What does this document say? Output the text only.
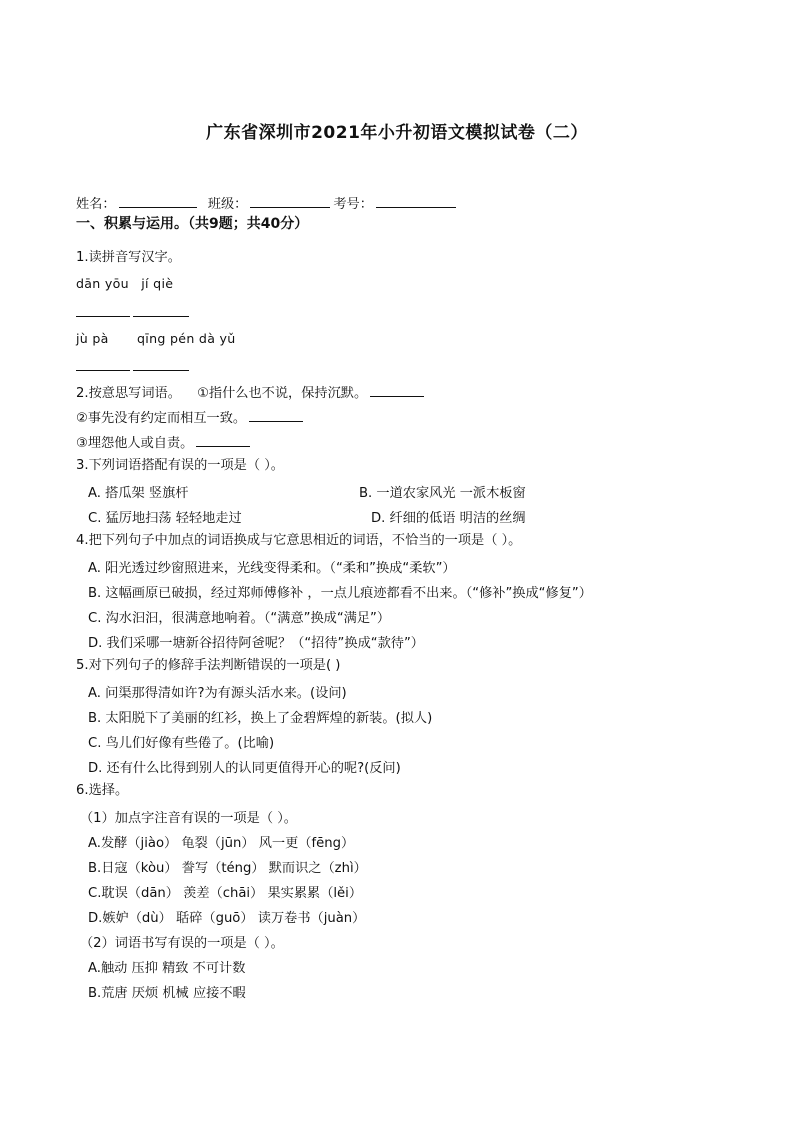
广东省深圳市2021年小升初语文模拟试卷（二）
姓名：	班级：	考号：
一、积累与运用。（共9题；共40分）
1.读拼音写汉字。
dān yōu jí qiè
jù pà qīng pén dà yǔ
2.按意思写词语。 ①指什么也不说，保持沉默。
②事先没有约定而相互一致。
③埋怨他人或自责。
3.下列词语搭配有误的一项是（ ）。
A. 搭瓜架 竖旗杆	B. 一道农家风光 一派木板窗
C. 猛厉地扫荡 轻轻地走过	D. 纤细的低语 明洁的丝绸
4.把下列句子中加点的词语换成与它意思相近的词语，不恰当的一项是（ ）。
A. 阳光透过纱窗照进来，光线变得柔和。（“柔和”换成“柔软”）
B. 这幅画原已破损，经过郑师傅修补 ，一点儿痕迹都看不出来。（“修补”换成“修复”）
C. 沟水汩汩，很满意地响着。（“满意”换成“满足”）
D. 我们采哪一塘新谷招待阿爸呢？（“招待”换成“款待”）
5.对下列句子的修辞手法判断错误的一项是( )
A. 问渠那得清如许?为有源头活水来。(设问)
B. 太阳脱下了美丽的红衫，换上了金碧辉煌的新装。(拟人)
C. 鸟儿们好像有些倦了。(比喻)
D. 还有什么比得到别人的认同更值得开心的呢?(反问)
6.选择。
（1）加点字注音有误的一项是（ ）。
A.发酵（jiào） 龟裂（jūn） 风一更（fēng）
B.日寇（kòu） 誊写（téng） 默而识之（zhì）
C.耽误（dān） 羡差（chāi） 果实累累（lěi）
D.嫉妒（dù） 聒碎（guō） 读万卷书（juàn）
（2）词语书写有误的一项是（ ）。
A.触动 压抑 精致 不可计数
B.荒唐 厌烦 机械 应接不暇
